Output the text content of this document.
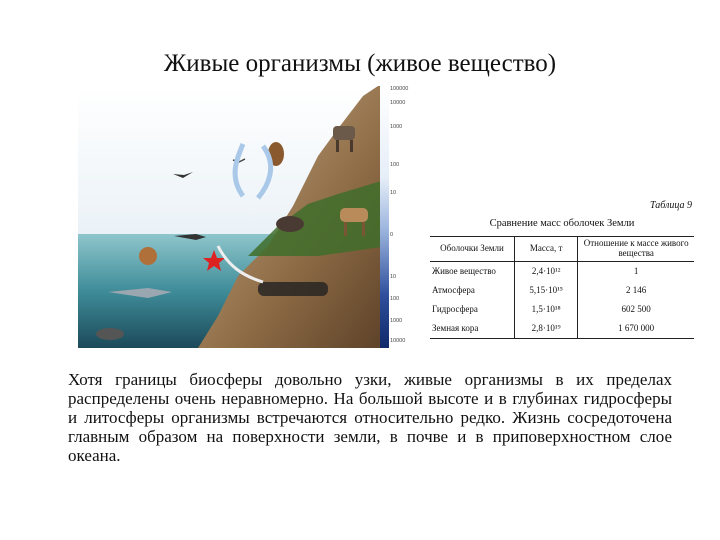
Живые организмы (живое вещество)
100000
10000
1000
100
10
0
10
100
1000
10000
Таблица 9
Сравнение масс оболочек Земли
Оболочки Земли	Масса, т	Отношение к массе живого вещества
Живое вещество	2,4·10¹²	1
Атмосфера	5,15·10¹⁵	2 146
Гидросфера	1,5·10¹⁸	602 500
Земная кора	2,8·10¹⁹	1 670 000
Хотя границы биосферы довольно узки, живые организмы в их пределах распределены очень неравномерно. На большой высоте и в глубинах гидросферы и литосферы организмы встречаются относительно редко. Жизнь сосредоточена главным образом на поверхности земли, в почве и в приповерхностном слое океана.
